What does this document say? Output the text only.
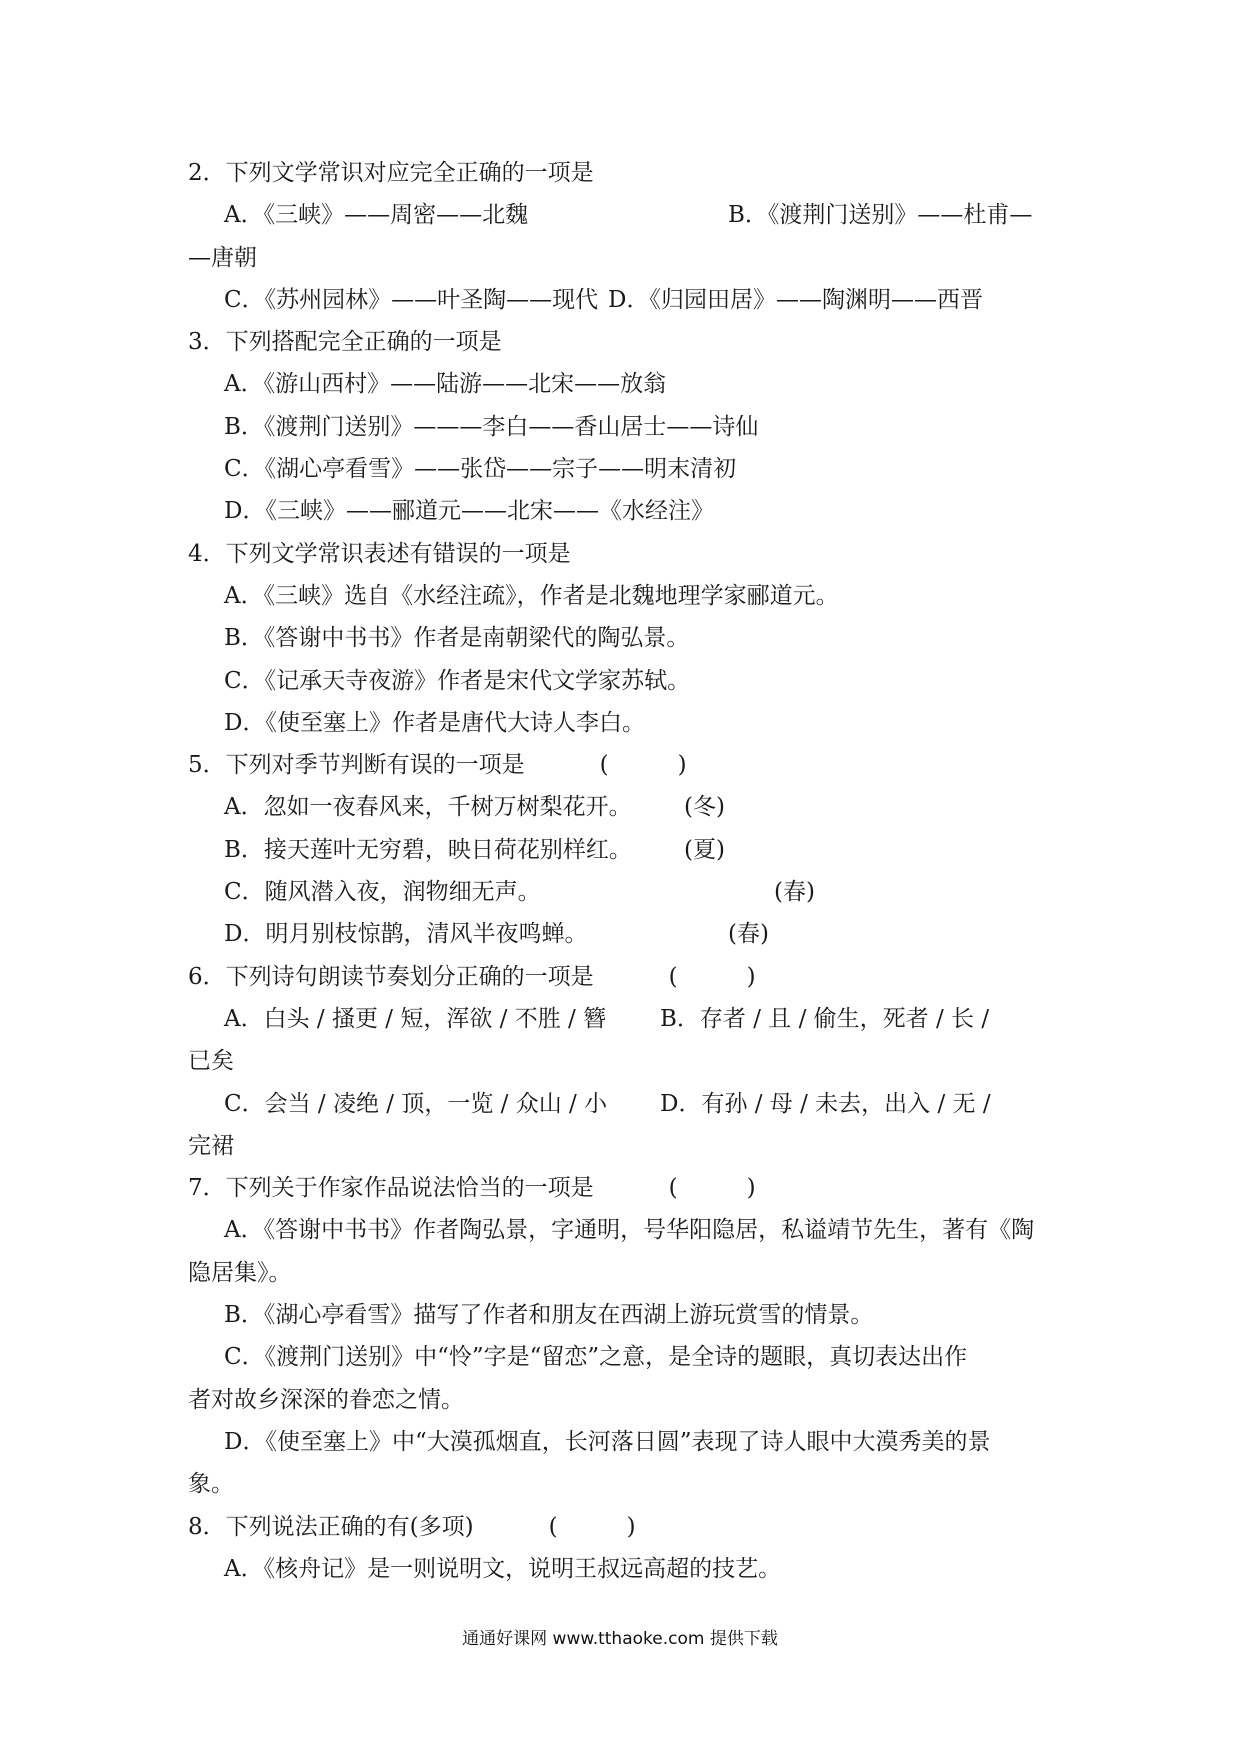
2．下列文学常识对应完全正确的一项是
A．《三峡》——周密——北魏	B．《渡荆门送别》——杜甫—
—唐朝
C．《苏州园林》——叶圣陶——现代 D．《归园田居》——陶渊明——西晋
3．下列搭配完全正确的一项是
A．《游山西村》——陆游——北宋——放翁
B．《渡荆门送别》———李白——香山居士——诗仙
C．《湖心亭看雪》——张岱——宗子——明末清初
D．《三峡》——郦道元——北宋——《水经注》
4．下列文学常识表述有错误的一项是
A．《三峡》选自《水经注疏》，作者是北魏地理学家郦道元。
B．《答谢中书书》作者是南朝梁代的陶弘景。
C．《记承天寺夜游》作者是宋代文学家苏轼。
D．《使至塞上》作者是唐代大诗人李白。
5．下列对季节判断有误的一项是	(　　　)
A．忽如一夜春风来，千树万树梨花开。 (冬)
B．接天莲叶无穷碧，映日荷花别样红。 (夏)
C．随风潜入夜，润物细无声。	(春)
D．明月别枝惊鹊，清风半夜鸣蝉。	(春)
6．下列诗句朗读节奏划分正确的一项是	(　　　)
A．白头 / 搔更 / 短，浑欲 / 不胜 / 簪 B．存者 / 且 / 偷生，死者 / 长 /
已矣
C．会当 / 凌绝 / 顶，一览 / 众山 / 小 D．有孙 / 母 / 未去，出入 / 无 /
完裙
7．下列关于作家作品说法恰当的一项是	(　　　)
A．《答谢中书书》作者陶弘景，字通明，号华阳隐居，私谥靖节先生，著有《陶
隐居集》。
B．《湖心亭看雪》描写了作者和朋友在西湖上游玩赏雪的情景。
C．《渡荆门送别》中“怜”字是“留恋”之意，是全诗的题眼，真切表达出作
者对故乡深深的眷恋之情。
D．《使至塞上》中“大漠孤烟直，长河落日圆”表现了诗人眼中大漠秀美的景
象。
8．下列说法正确的有(多项)	(　　　)
A．《核舟记》是一则说明文，说明王叔远高超的技艺。
通通好课网 www.tthaoke.com 提供下载
